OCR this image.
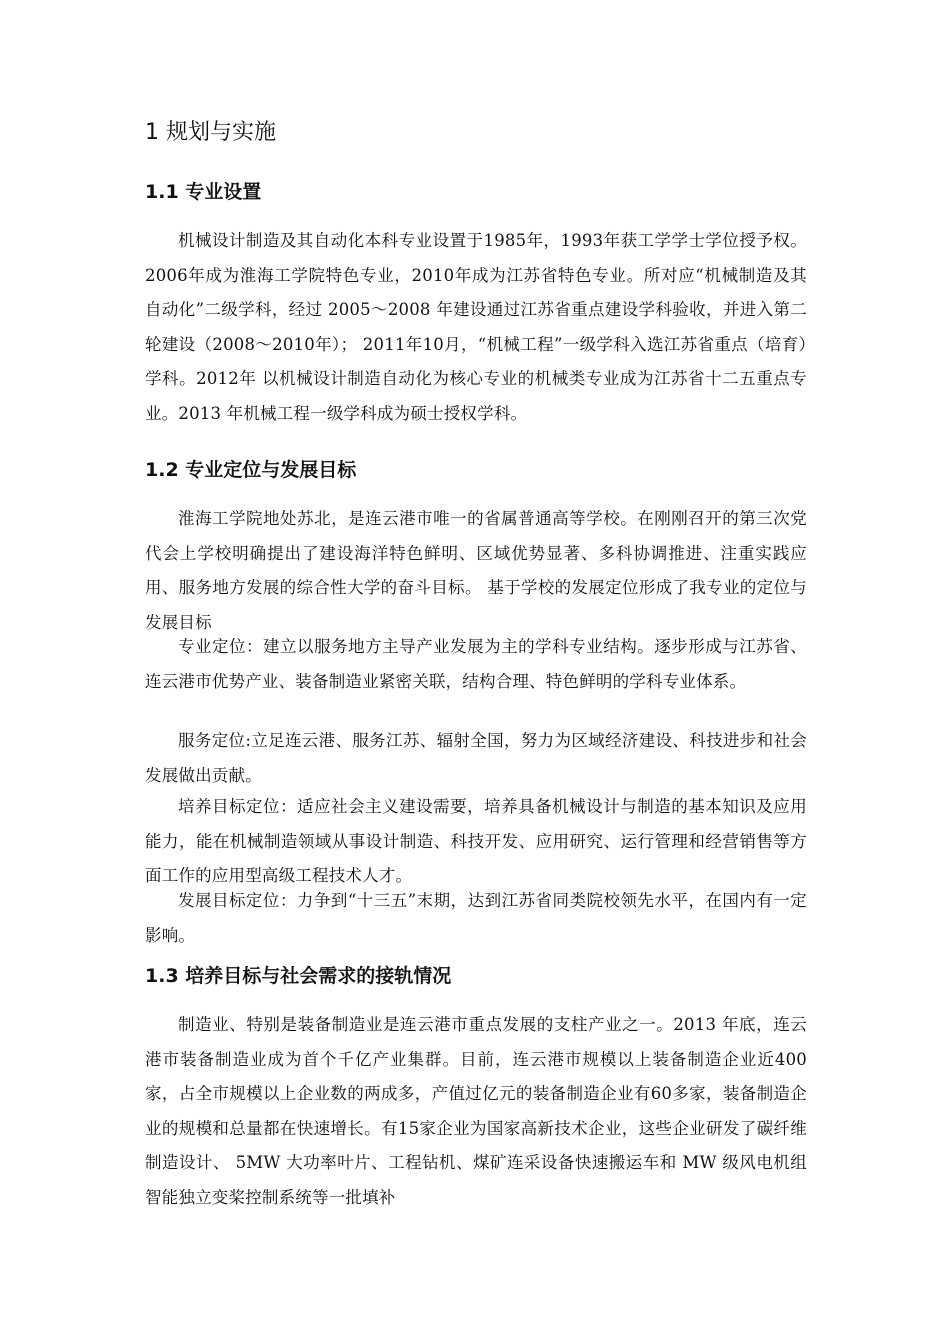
1 规划与实施
1.1 专业设置

机械设计制造及其自动化本科专业设置于1985年，1993年获工学学士学位授予权。2006年成为淮海工学院特色专业，2010年成为江苏省特色专业。所对应“机械制造及其自动化”二级学科，经过 2005～2008 年建设通过江苏省重点建设学科验收，并进入第二轮建设（2008～2010年）； 2011年10月，“机械工程”一级学科入选江苏省重点（培育）学科。2012年 以机械设计制造自动化为核心专业的机械类专业成为江苏省十二五重点专业。2013 年机械工程一级学科成为硕士授权学科。

1.2 专业定位与发展目标

淮海工学院地处苏北，是连云港市唯一的省属普通高等学校。在刚刚召开的第三次党代会上学校明确提出了建设海洋特色鲜明、区域优势显著、多科协调推进、注重实践应用、服务地方发展的综合性大学的奋斗目标。 基于学校的发展定位形成了我专业的定位与发展目标

专业定位：建立以服务地方主导产业发展为主的学科专业结构。逐步形成与江苏省、连云港市优势产业、装备制造业紧密关联，结构合理、特色鲜明的学科专业体系。

服务定位:立足连云港、服务江苏、辐射全国，努力为区域经济建设、科技进步和社会发展做出贡献。

培养目标定位：适应社会主义建设需要，培养具备机械设计与制造的基本知识及应用能力，能在机械制造领域从事设计制造、科技开发、应用研究、运行管理和经营销售等方面工作的应用型高级工程技术人才。

发展目标定位：力争到“十三五”末期，达到江苏省同类院校领先水平，在国内有一定影响。

1.3 培养目标与社会需求的接轨情况

制造业、特别是装备制造业是连云港市重点发展的支柱产业之一。2013 年底，连云港市装备制造业成为首个千亿产业集群。目前，连云港市规模以上装备制造企业近400家，占全市规模以上企业数的两成多，产值过亿元的装备制造企业有60多家，装备制造企业的规模和总量都在快速增长。有15家企业为国家高新技术企业，这些企业研发了碳纤维制造设计、 5MW 大功率叶片、工程钻机、煤矿连采设备快速搬运车和 MW 级风电机组智能独立变桨控制系统等一批填补
